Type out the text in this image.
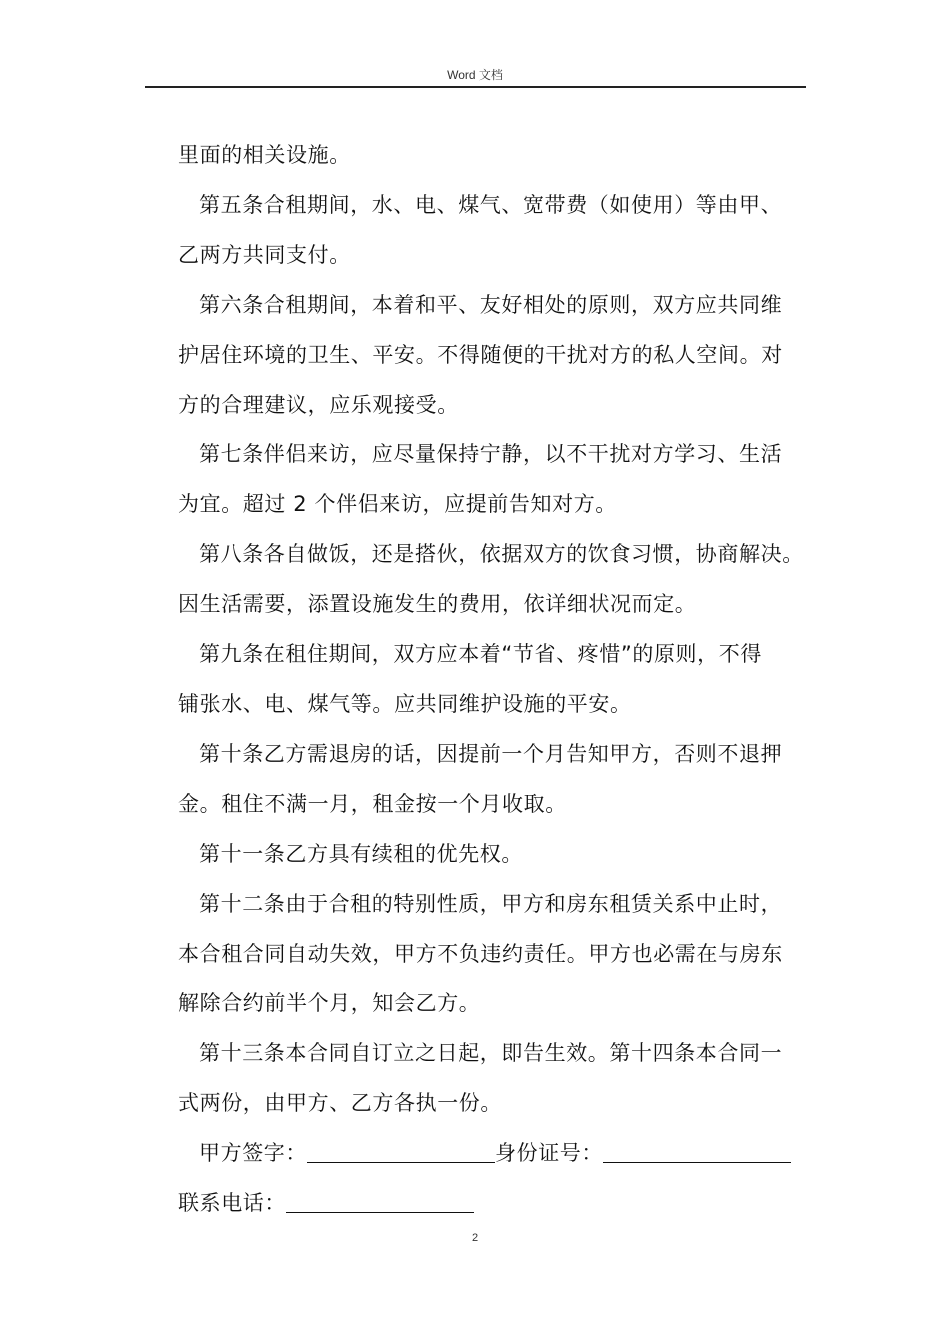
Word 文档

里面的相关设施。

第五条合租期间，水、电、煤气、宽带费（如使用）等由甲、

乙两方共同支付。

第六条合租期间，本着和平、友好相处的原则，双方应共同维

护居住环境的卫生、平安。不得随便的干扰对方的私人空间。对

方的合理建议，应乐观接受。

第七条伴侣来访，应尽量保持宁静，以不干扰对方学习、生活

为宜。超过 2 个伴侣来访，应提前告知对方。

第八条各自做饭，还是搭伙，依据双方的饮食习惯，协商解决。

因生活需要，添置设施发生的费用，依详细状况而定。

第九条在租住期间，双方应本着“节省、疼惜”的原则，不得

铺张水、电、煤气等。应共同维护设施的平安。

第十条乙方需退房的话，因提前一个月告知甲方，否则不退押

金。租住不满一月，租金按一个月收取。

第十一条乙方具有续租的优先权。

第十二条由于合租的特别性质，甲方和房东租赁关系中止时，

本合租合同自动失效，甲方不负违约责任。甲方也必需在与房东

解除合约前半个月，知会乙方。

第十三条本合同自订立之日起，即告生效。第十四条本合同一

式两份，由甲方、乙方各执一份。

甲方签字：	身份证号：

联系电话：

2
